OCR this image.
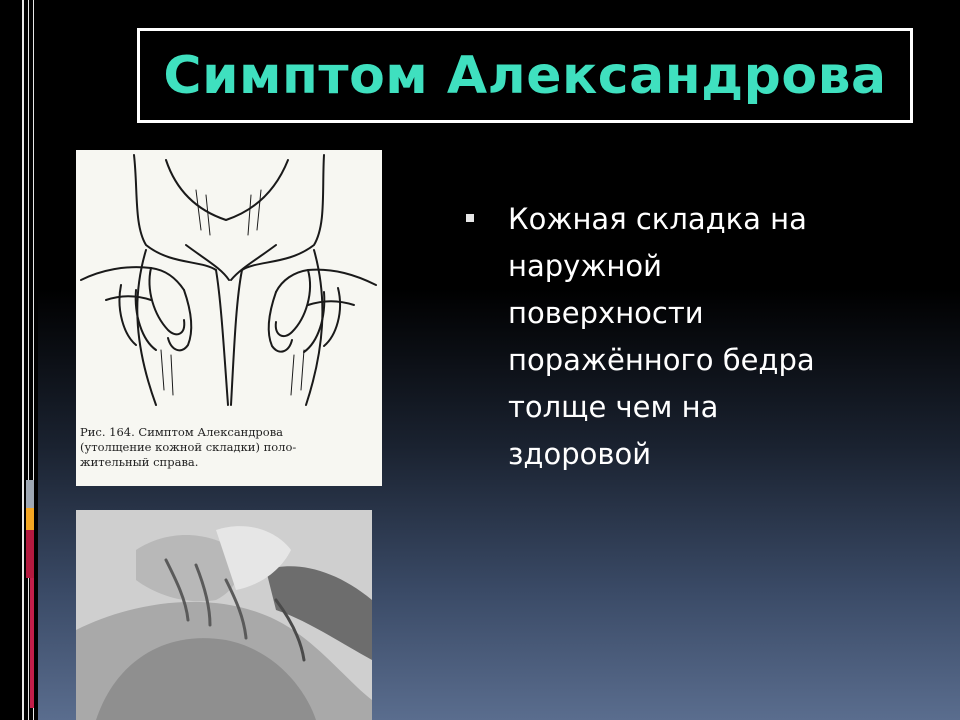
Симптом Александрова
Рис. 164. Симптом Александрова
(утолщение кожной складки) поло-
жительный справа.
Кожная складка на
наружной
поверхности
поражённого бедра
толще чем на
здоровой
